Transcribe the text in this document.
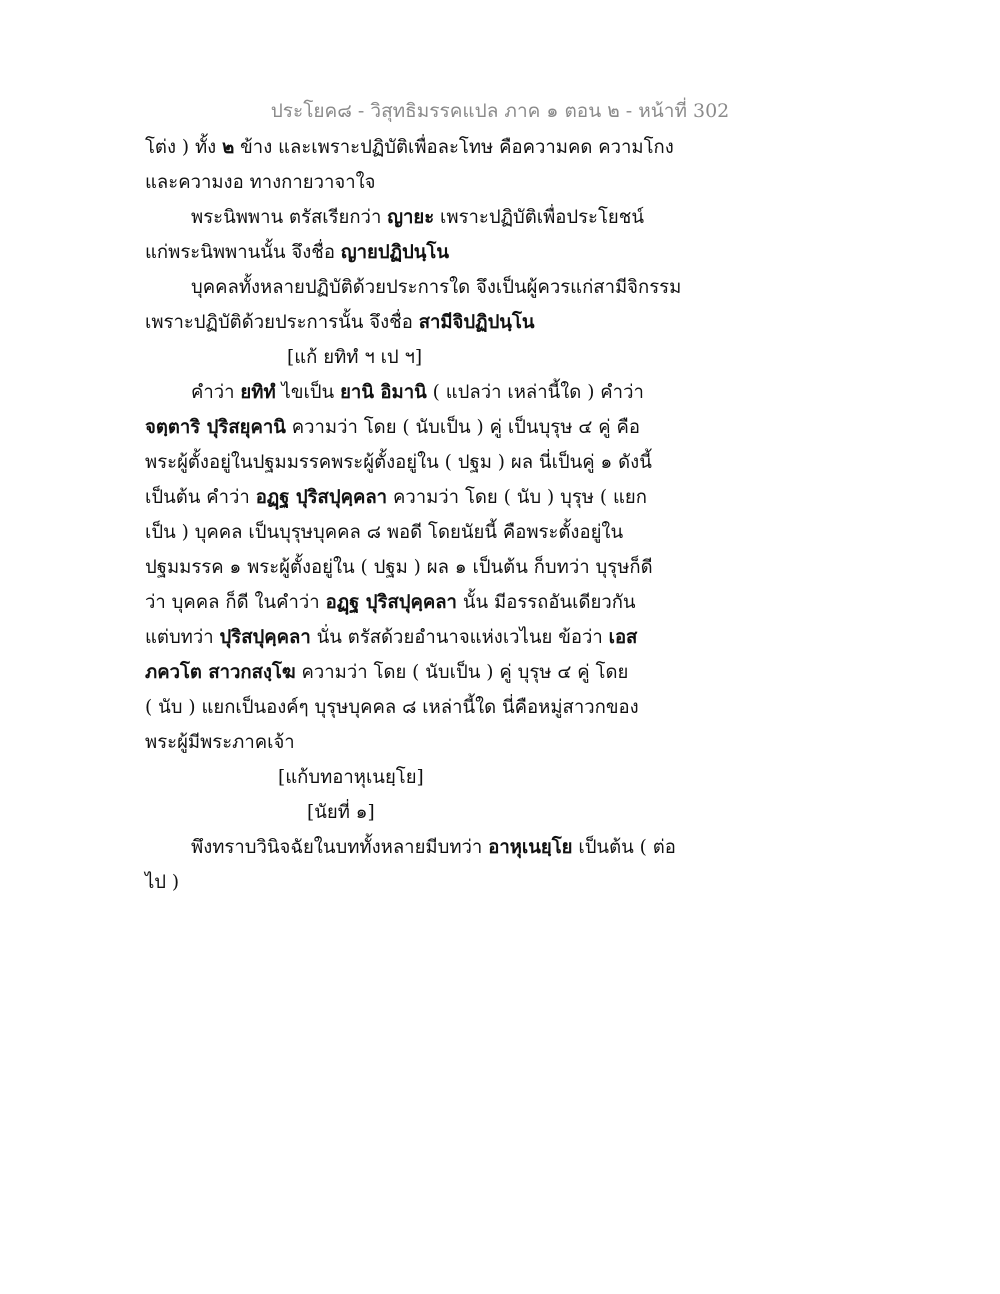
ประโยค๘ - วิสุทธิมรรคแปล ภาค ๑ ตอน ๒ - หน้าที่ 302
โต่ง ) ทั้ง ๒ ข้าง และเพราะปฏิบัติเพื่อละโทษ คือความคด ความโกง
และความงอ ทางกายวาจาใจ
พระนิพพาน ตรัสเรียกว่า ญายะ เพราะปฏิบัติเพื่อประโยชน์
แก่พระนิพพานนั้น จึงชื่อ ญายปฏิปนฺโน
บุคคลทั้งหลายปฏิบัติด้วยประการใด จึงเป็นผู้ควรแก่สามีจิกรรม
เพราะปฏิบัติด้วยประการนั้น จึงชื่อ สามีจิปฏิปนฺโน
[แก้ ยทิทํ ฯ เป ฯ]
คำว่า ยทิทํ ไขเป็น ยานิ อิมานิ ( แปลว่า เหล่านี้ใด ) คำว่า
จตฺตาริ ปุริสยุคานิ ความว่า โดย ( นับเป็น ) คู่ เป็นบุรุษ ๔ คู่ คือ
พระผู้ตั้งอยู่ในปฐมมรรคพระผู้ตั้งอยู่ใน ( ปฐม ) ผล นี่เป็นคู่ ๑ ดังนี้
เป็นต้น คำว่า อฏฺฐ ปุริสปุคฺคลา ความว่า โดย ( นับ ) บุรุษ ( แยก
เป็น ) บุคคล เป็นบุรุษบุคคล ๘ พอดี โดยนัยนี้ คือพระตั้งอยู่ใน
ปฐมมรรค ๑ พระผู้ตั้งอยู่ใน ( ปฐม ) ผล ๑ เป็นต้น ก็บทว่า บุรุษก็ดี
ว่า บุคคล ก็ดี ในคำว่า อฏฺฐ ปุริสปุคฺคลา นั้น มีอรรถอันเดียวกัน
แต่บทว่า ปุริสปุคฺคลา นั่น ตรัสด้วยอำนาจแห่งเวไนย ข้อว่า เอส
ภควโต สาวกสงฺโฆ ความว่า โดย ( นับเป็น ) คู่ บุรุษ ๔ คู่ โดย
( นับ ) แยกเป็นองค์ๆ บุรุษบุคคล ๘ เหล่านี้ใด นี่คือหมู่สาวกของ
พระผู้มีพระภาคเจ้า
[แก้บทอาหุเนยฺโย]
[นัยที่ ๑]
พึงทราบวินิจฉัยในบททั้งหลายมีบทว่า อาหุเนยฺโย เป็นต้น ( ต่อ
ไป )
